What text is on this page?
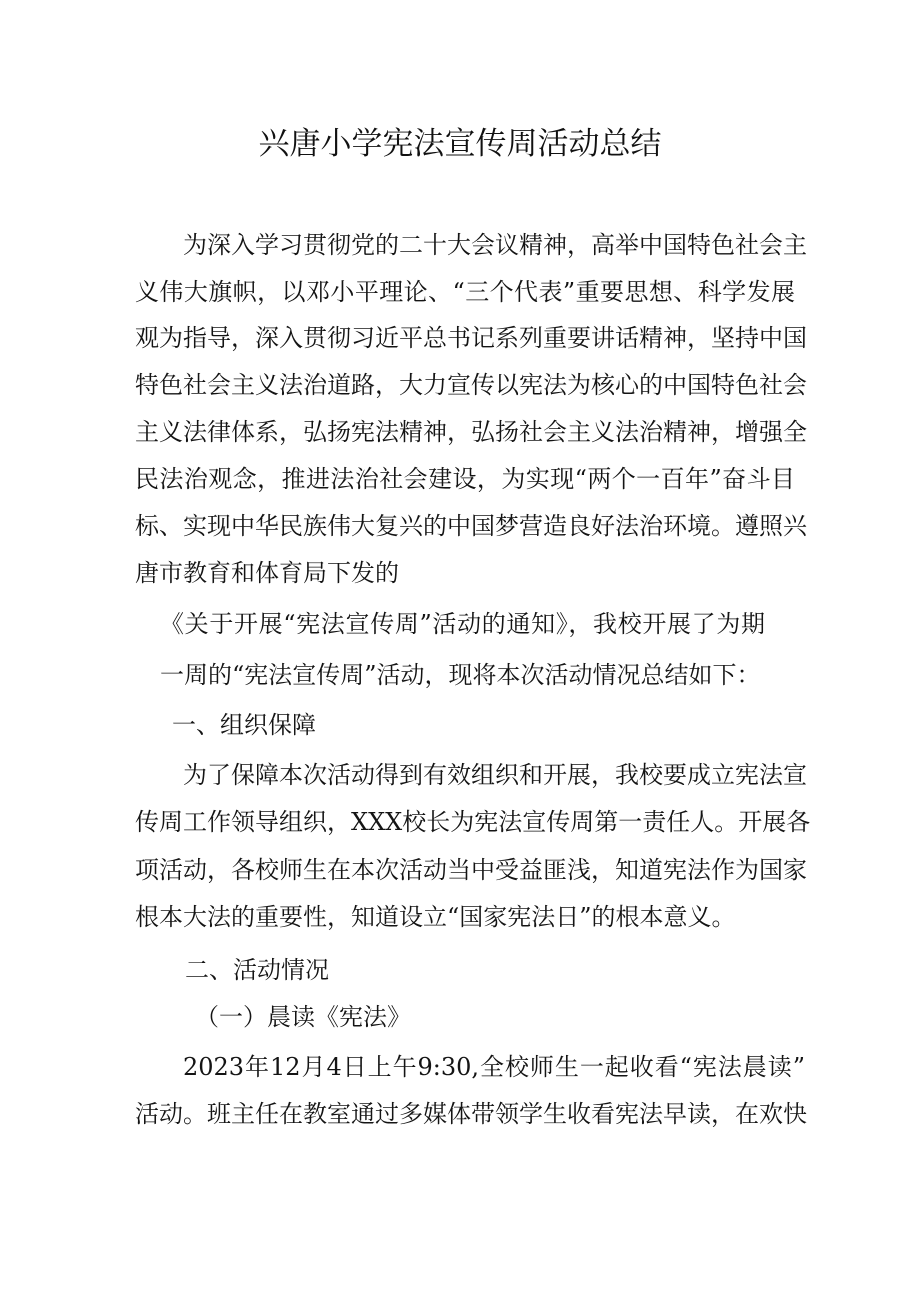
兴唐小学宪法宣传周活动总结
为深入学习贯彻党的二十大会议精神，高举中国特色社会主
义伟大旗帜，以邓小平理论、“三个代表”重要思想、科学发展
观为指导，深入贯彻习近平总书记系列重要讲话精神，坚持中国
特色社会主义法治道路，大力宣传以宪法为核心的中国特色社会
主义法律体系，弘扬宪法精神，弘扬社会主义法治精神，增强全
民法治观念，推进法治社会建设，为实现“两个一百年”奋斗目
标、实现中华民族伟大复兴的中国梦营造良好法治环境。遵照兴
唐市教育和体育局下发的
《关于开展“宪法宣传周”活动的通知》，我校开展了为期
一周的“宪法宣传周”活动，现将本次活动情况总结如下：
一、组织保障
为了保障本次活动得到有效组织和开展，我校要成立宪法宣
传周工作领导组织，XXX校长为宪法宣传周第一责任人。开展各
项活动，各校师生在本次活动当中受益匪浅，知道宪法作为国家
根本大法的重要性，知道设立“国家宪法日”的根本意义。
二、活动情况
（一）晨读《宪法》
2023年12月4日上午9:30,全校师生一起收看“宪法晨读”
活动。班主任在教室通过多媒体带领学生收看宪法早读，在欢快
